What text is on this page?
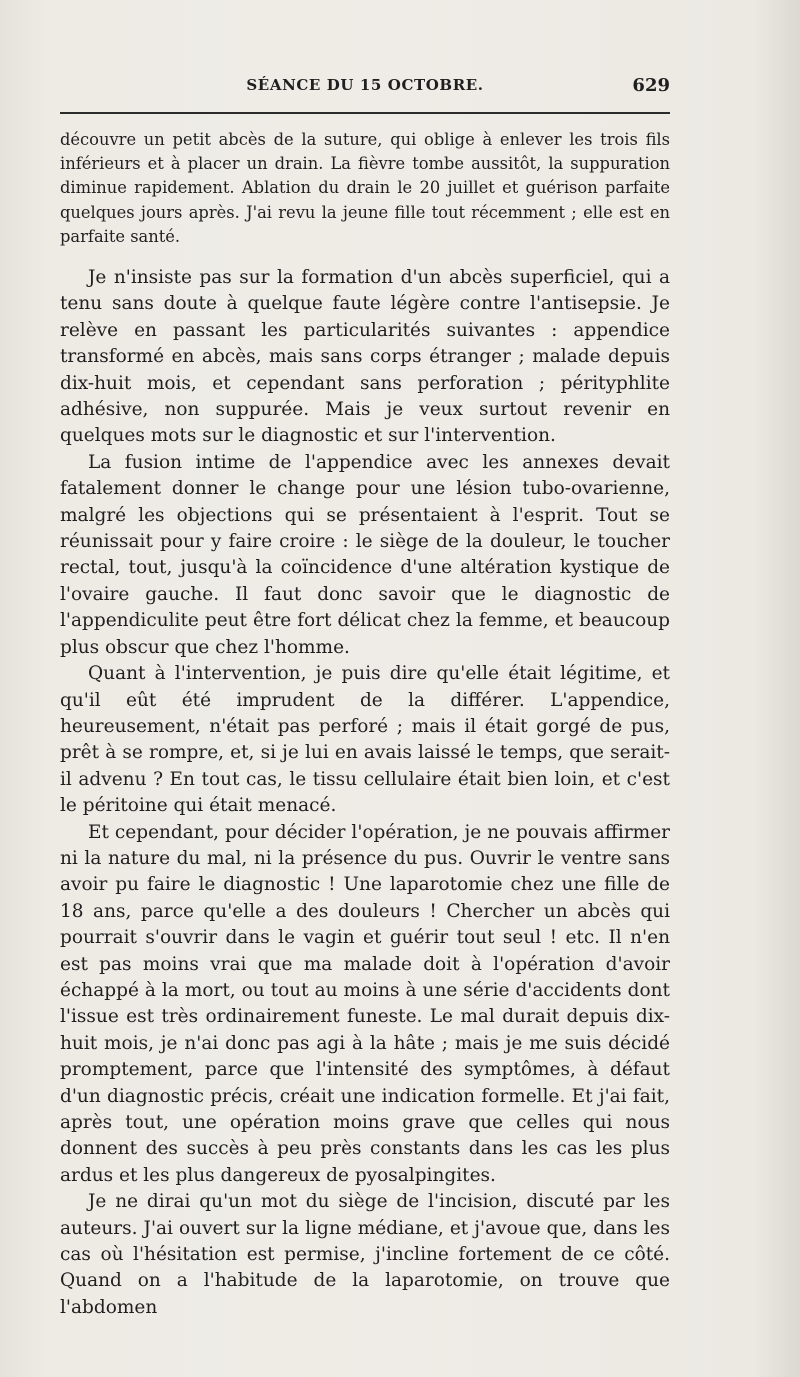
SÉANCE DU 15 OCTOBRE.	629

découvre un petit abcès de la suture, qui oblige à enlever les trois fils inférieurs et à placer un drain. La fièvre tombe aussitôt, la suppuration diminue rapidement. Ablation du drain le 20 juillet et guérison parfaite quelques jours après. J'ai revu la jeune fille tout récemment ; elle est en parfaite santé.

Je n'insiste pas sur la formation d'un abcès superficiel, qui a tenu sans doute à quelque faute légère contre l'antisepsie. Je relève en passant les particularités suivantes : appendice transformé en abcès, mais sans corps étranger ; malade depuis dix-huit mois, et cependant sans perforation ; pérityphlite adhésive, non suppurée. Mais je veux surtout revenir en quelques mots sur le diagnostic et sur l'intervention.

La fusion intime de l'appendice avec les annexes devait fatalement donner le change pour une lésion tubo-ovarienne, malgré les objections qui se présentaient à l'esprit. Tout se réunissait pour y faire croire : le siège de la douleur, le toucher rectal, tout, jusqu'à la coïncidence d'une altération kystique de l'ovaire gauche. Il faut donc savoir que le diagnostic de l'appendiculite peut être fort délicat chez la femme, et beaucoup plus obscur que chez l'homme.

Quant à l'intervention, je puis dire qu'elle était légitime, et qu'il eût été imprudent de la différer. L'appendice, heureusement, n'était pas perforé ; mais il était gorgé de pus, prêt à se rompre, et, si je lui en avais laissé le temps, que serait-il advenu ? En tout cas, le tissu cellulaire était bien loin, et c'est le péritoine qui était menacé.

Et cependant, pour décider l'opération, je ne pouvais affirmer ni la nature du mal, ni la présence du pus. Ouvrir le ventre sans avoir pu faire le diagnostic ! Une laparotomie chez une fille de 18 ans, parce qu'elle a des douleurs ! Chercher un abcès qui pourrait s'ouvrir dans le vagin et guérir tout seul ! etc. Il n'en est pas moins vrai que ma malade doit à l'opération d'avoir échappé à la mort, ou tout au moins à une série d'accidents dont l'issue est très ordinairement funeste. Le mal durait depuis dix-huit mois, je n'ai donc pas agi à la hâte ; mais je me suis décidé promptement, parce que l'intensité des symptômes, à défaut d'un diagnostic précis, créait une indication formelle. Et j'ai fait, après tout, une opération moins grave que celles qui nous donnent des succès à peu près constants dans les cas les plus ardus et les plus dangereux de pyosalpingites.

Je ne dirai qu'un mot du siège de l'incision, discuté par les auteurs. J'ai ouvert sur la ligne médiane, et j'avoue que, dans les cas où l'hésitation est permise, j'incline fortement de ce côté. Quand on a l'habitude de la laparotomie, on trouve que l'abdomen
